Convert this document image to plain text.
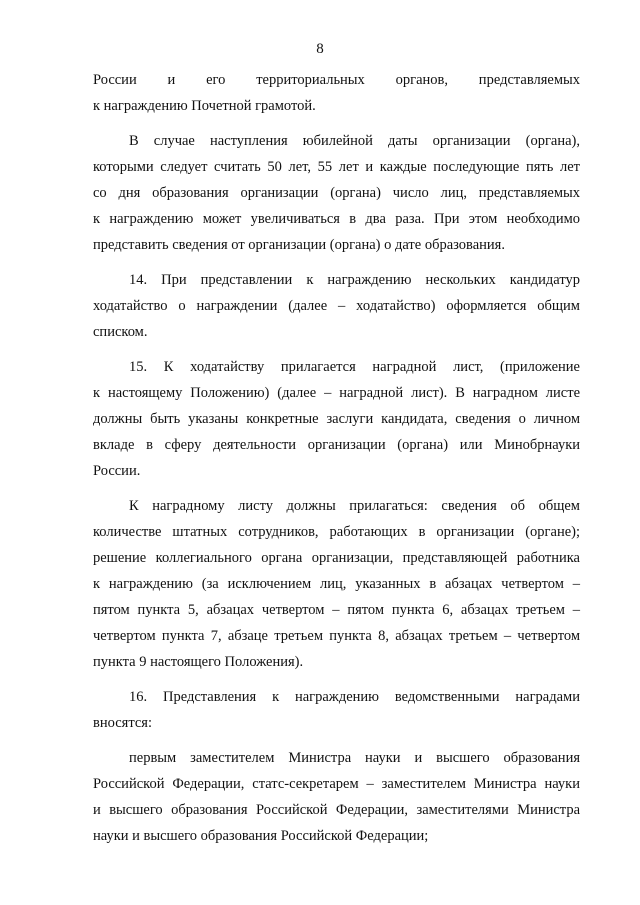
8
России и его территориальных органов, представляемых
к награждению Почетной грамотой.
В случае наступления юбилейной даты организации (органа),
которыми следует считать 50 лет, 55 лет и каждые последующие пять лет
со дня образования организации (органа) число лиц, представляемых
к награждению может увеличиваться в два раза. При этом необходимо
представить сведения от организации (органа) о дате образования.
14. При представлении к награждению нескольких кандидатур
ходатайство о награждении (далее – ходатайство) оформляется общим
списком.
15. К ходатайству прилагается наградной лист, (приложение
к настоящему Положению) (далее – наградной лист). В наградном листе
должны быть указаны конкретные заслуги кандидата, сведения о личном
вкладе в сферу деятельности организации (органа) или Минобрнауки
России.
К наградному листу должны прилагаться: сведения об общем
количестве штатных сотрудников, работающих в организации (органе);
решение коллегиального органа организации, представляющей работника
к награждению (за исключением лиц, указанных в абзацах четвертом –
пятом пункта 5, абзацах четвертом – пятом пункта 6, абзацах третьем –
четвертом пункта 7, абзаце третьем пункта 8, абзацах третьем – четвертом
пункта 9 настоящего Положения).
16. Представления к награждению ведомственными наградами
вносятся:
первым заместителем Министра науки и высшего образования
Российской Федерации, статс-секретарем – заместителем Министра науки
и высшего образования Российской Федерации, заместителями Министра
науки и высшего образования Российской Федерации;
